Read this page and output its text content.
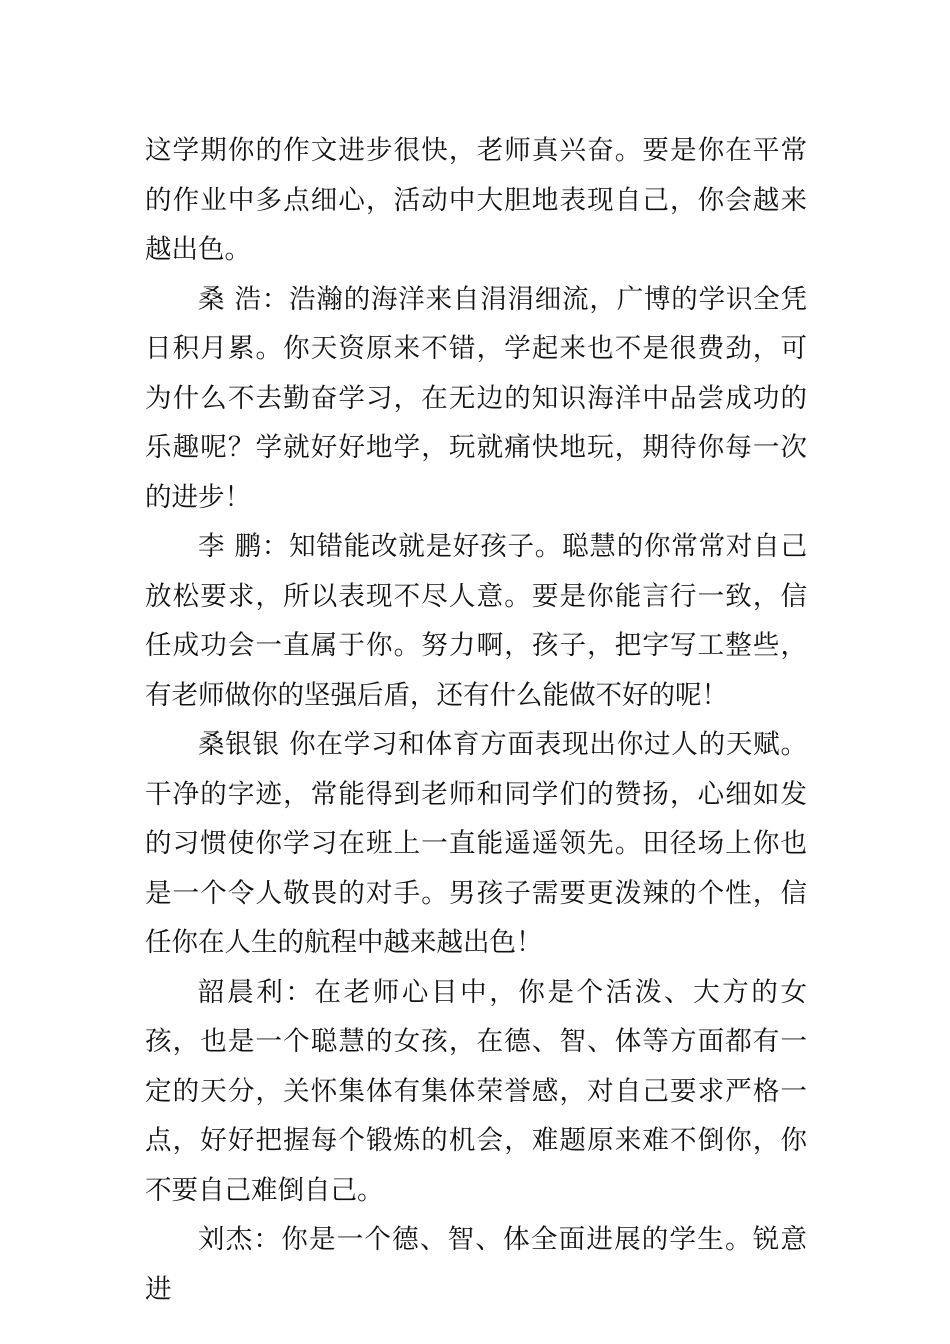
这学期你的作文进步很快，老师真兴奋。要是你在平常的作业中多点细心，活动中大胆地表现自己，你会越来越出色。

桑 浩：浩瀚的海洋来自涓涓细流，广博的学识全凭日积月累。你天资原来不错，学起来也不是很费劲，可为什么不去勤奋学习，在无边的知识海洋中品尝成功的乐趣呢？学就好好地学，玩就痛快地玩，期待你每一次的进步！

李 鹏：知错能改就是好孩子。聪慧的你常常对自己放松要求，所以表现不尽人意。要是你能言行一致，信任成功会一直属于你。努力啊，孩子，把字写工整些，有老师做你的坚强后盾，还有什么能做不好的呢！

桑银银 你在学习和体育方面表现出你过人的天赋。干净的字迹，常能得到老师和同学们的赞扬，心细如发的习惯使你学习在班上一直能遥遥领先。田径场上你也是一个令人敬畏的对手。男孩子需要更泼辣的个性，信任你在人生的航程中越来越出色！

韶晨利：在老师心目中，你是个活泼、大方的女孩，也是一个聪慧的女孩，在德、智、体等方面都有一定的天分，关怀集体有集体荣誉感，对自己要求严格一点，好好把握每个锻炼的机会，难题原来难不倒你，你不要自己难倒自己。

刘杰：你是一个德、智、体全面进展的学生。锐意进
